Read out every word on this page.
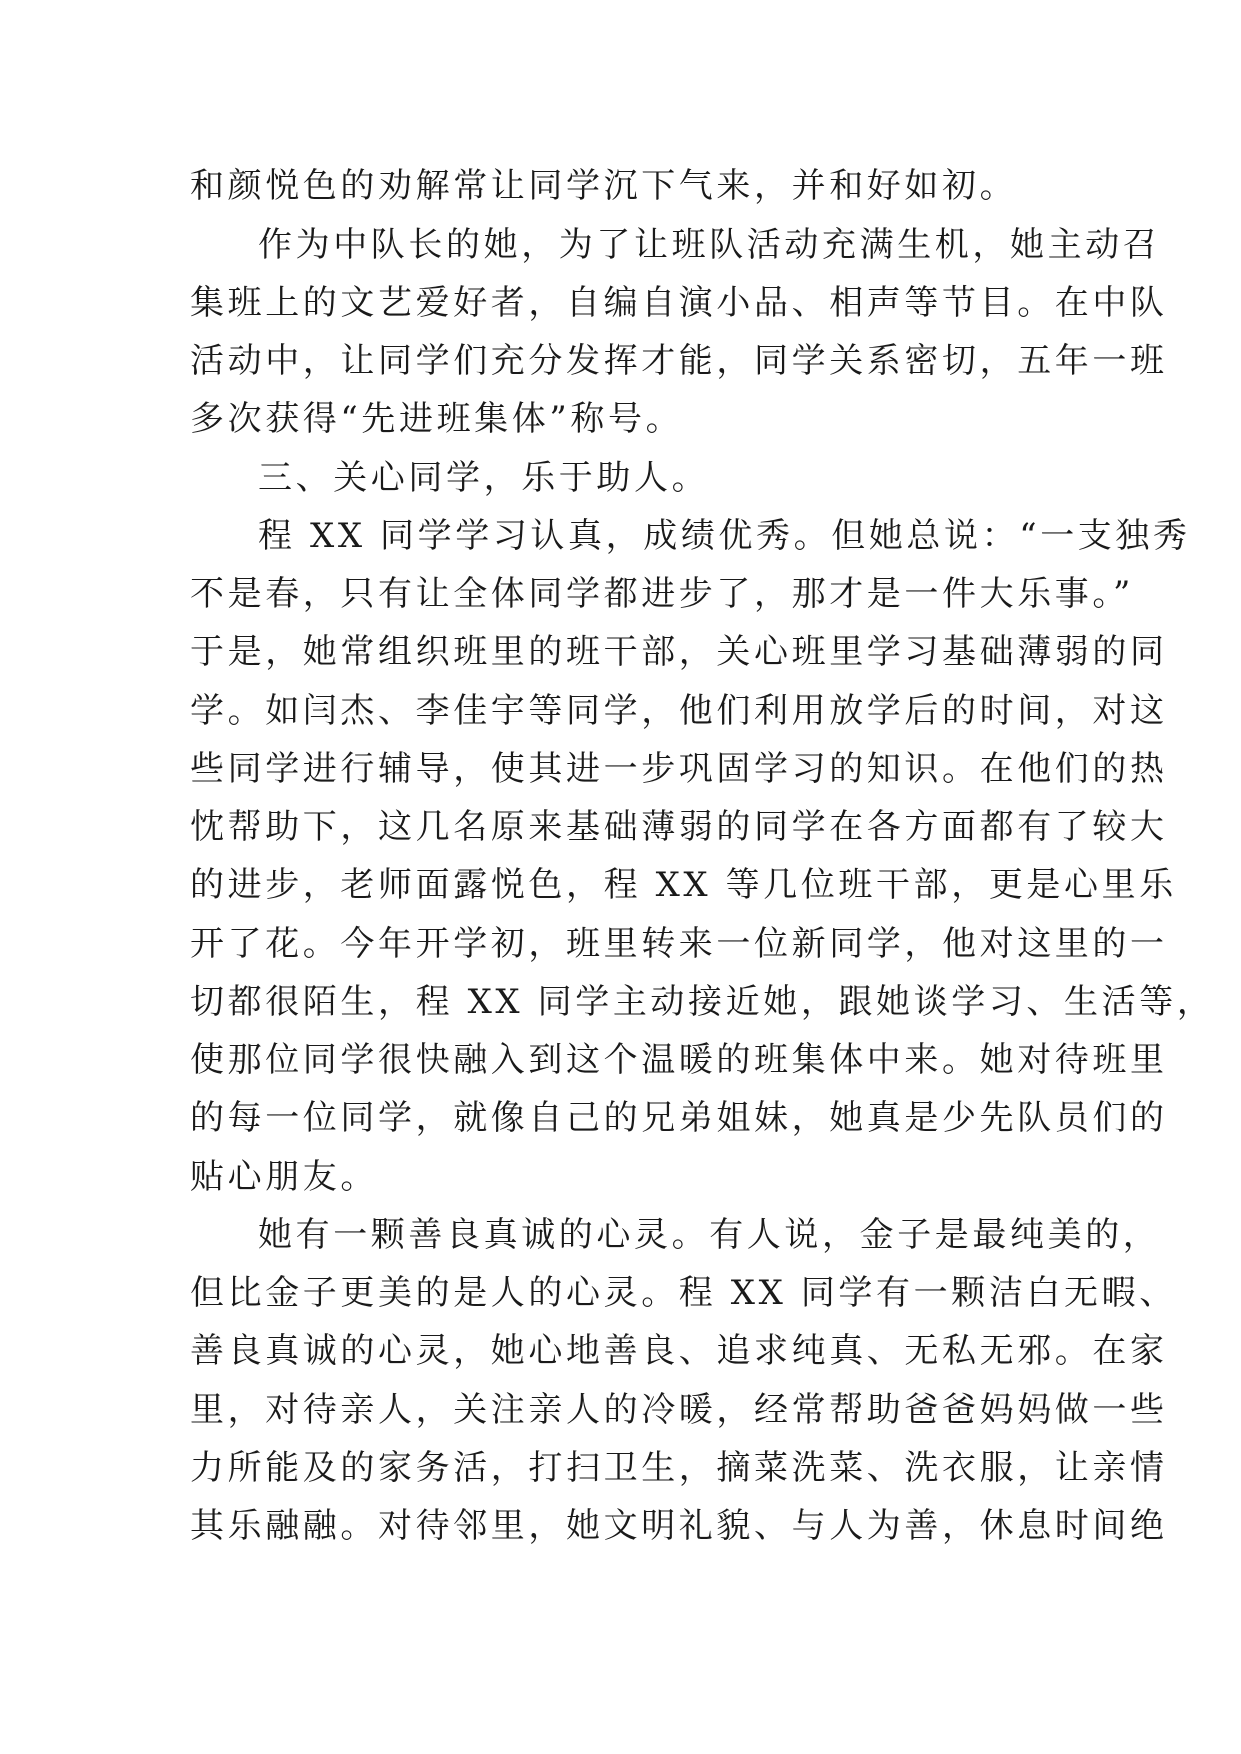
和颜悦色的劝解常让同学沉下气来，并和好如初。
作为中队长的她，为了让班队活动充满生机，她主动召
集班上的文艺爱好者，自编自演小品、相声等节目。在中队
活动中，让同学们充分发挥才能，同学关系密切，五年一班
多次获得“先进班集体”称号。
三、关心同学，乐于助人。
程 XX 同学学习认真，成绩优秀。但她总说：“一支独秀
不是春，只有让全体同学都进步了，那才是一件大乐事。”
于是，她常组织班里的班干部，关心班里学习基础薄弱的同
学。如闫杰、李佳宇等同学，他们利用放学后的时间，对这
些同学进行辅导，使其进一步巩固学习的知识。在他们的热
忱帮助下，这几名原来基础薄弱的同学在各方面都有了较大
的进步，老师面露悦色，程 XX 等几位班干部，更是心里乐
开了花。今年开学初，班里转来一位新同学，他对这里的一
切都很陌生，程 XX 同学主动接近她，跟她谈学习、生活等，
使那位同学很快融入到这个温暖的班集体中来。她对待班里
的每一位同学，就像自己的兄弟姐妹，她真是少先队员们的
贴心朋友。
她有一颗善良真诚的心灵。有人说，金子是最纯美的，
但比金子更美的是人的心灵。程 XX 同学有一颗洁白无暇、
善良真诚的心灵，她心地善良、追求纯真、无私无邪。在家
里，对待亲人，关注亲人的冷暖，经常帮助爸爸妈妈做一些
力所能及的家务活，打扫卫生，摘菜洗菜、洗衣服，让亲情
其乐融融。对待邻里，她文明礼貌、与人为善，休息时间绝
